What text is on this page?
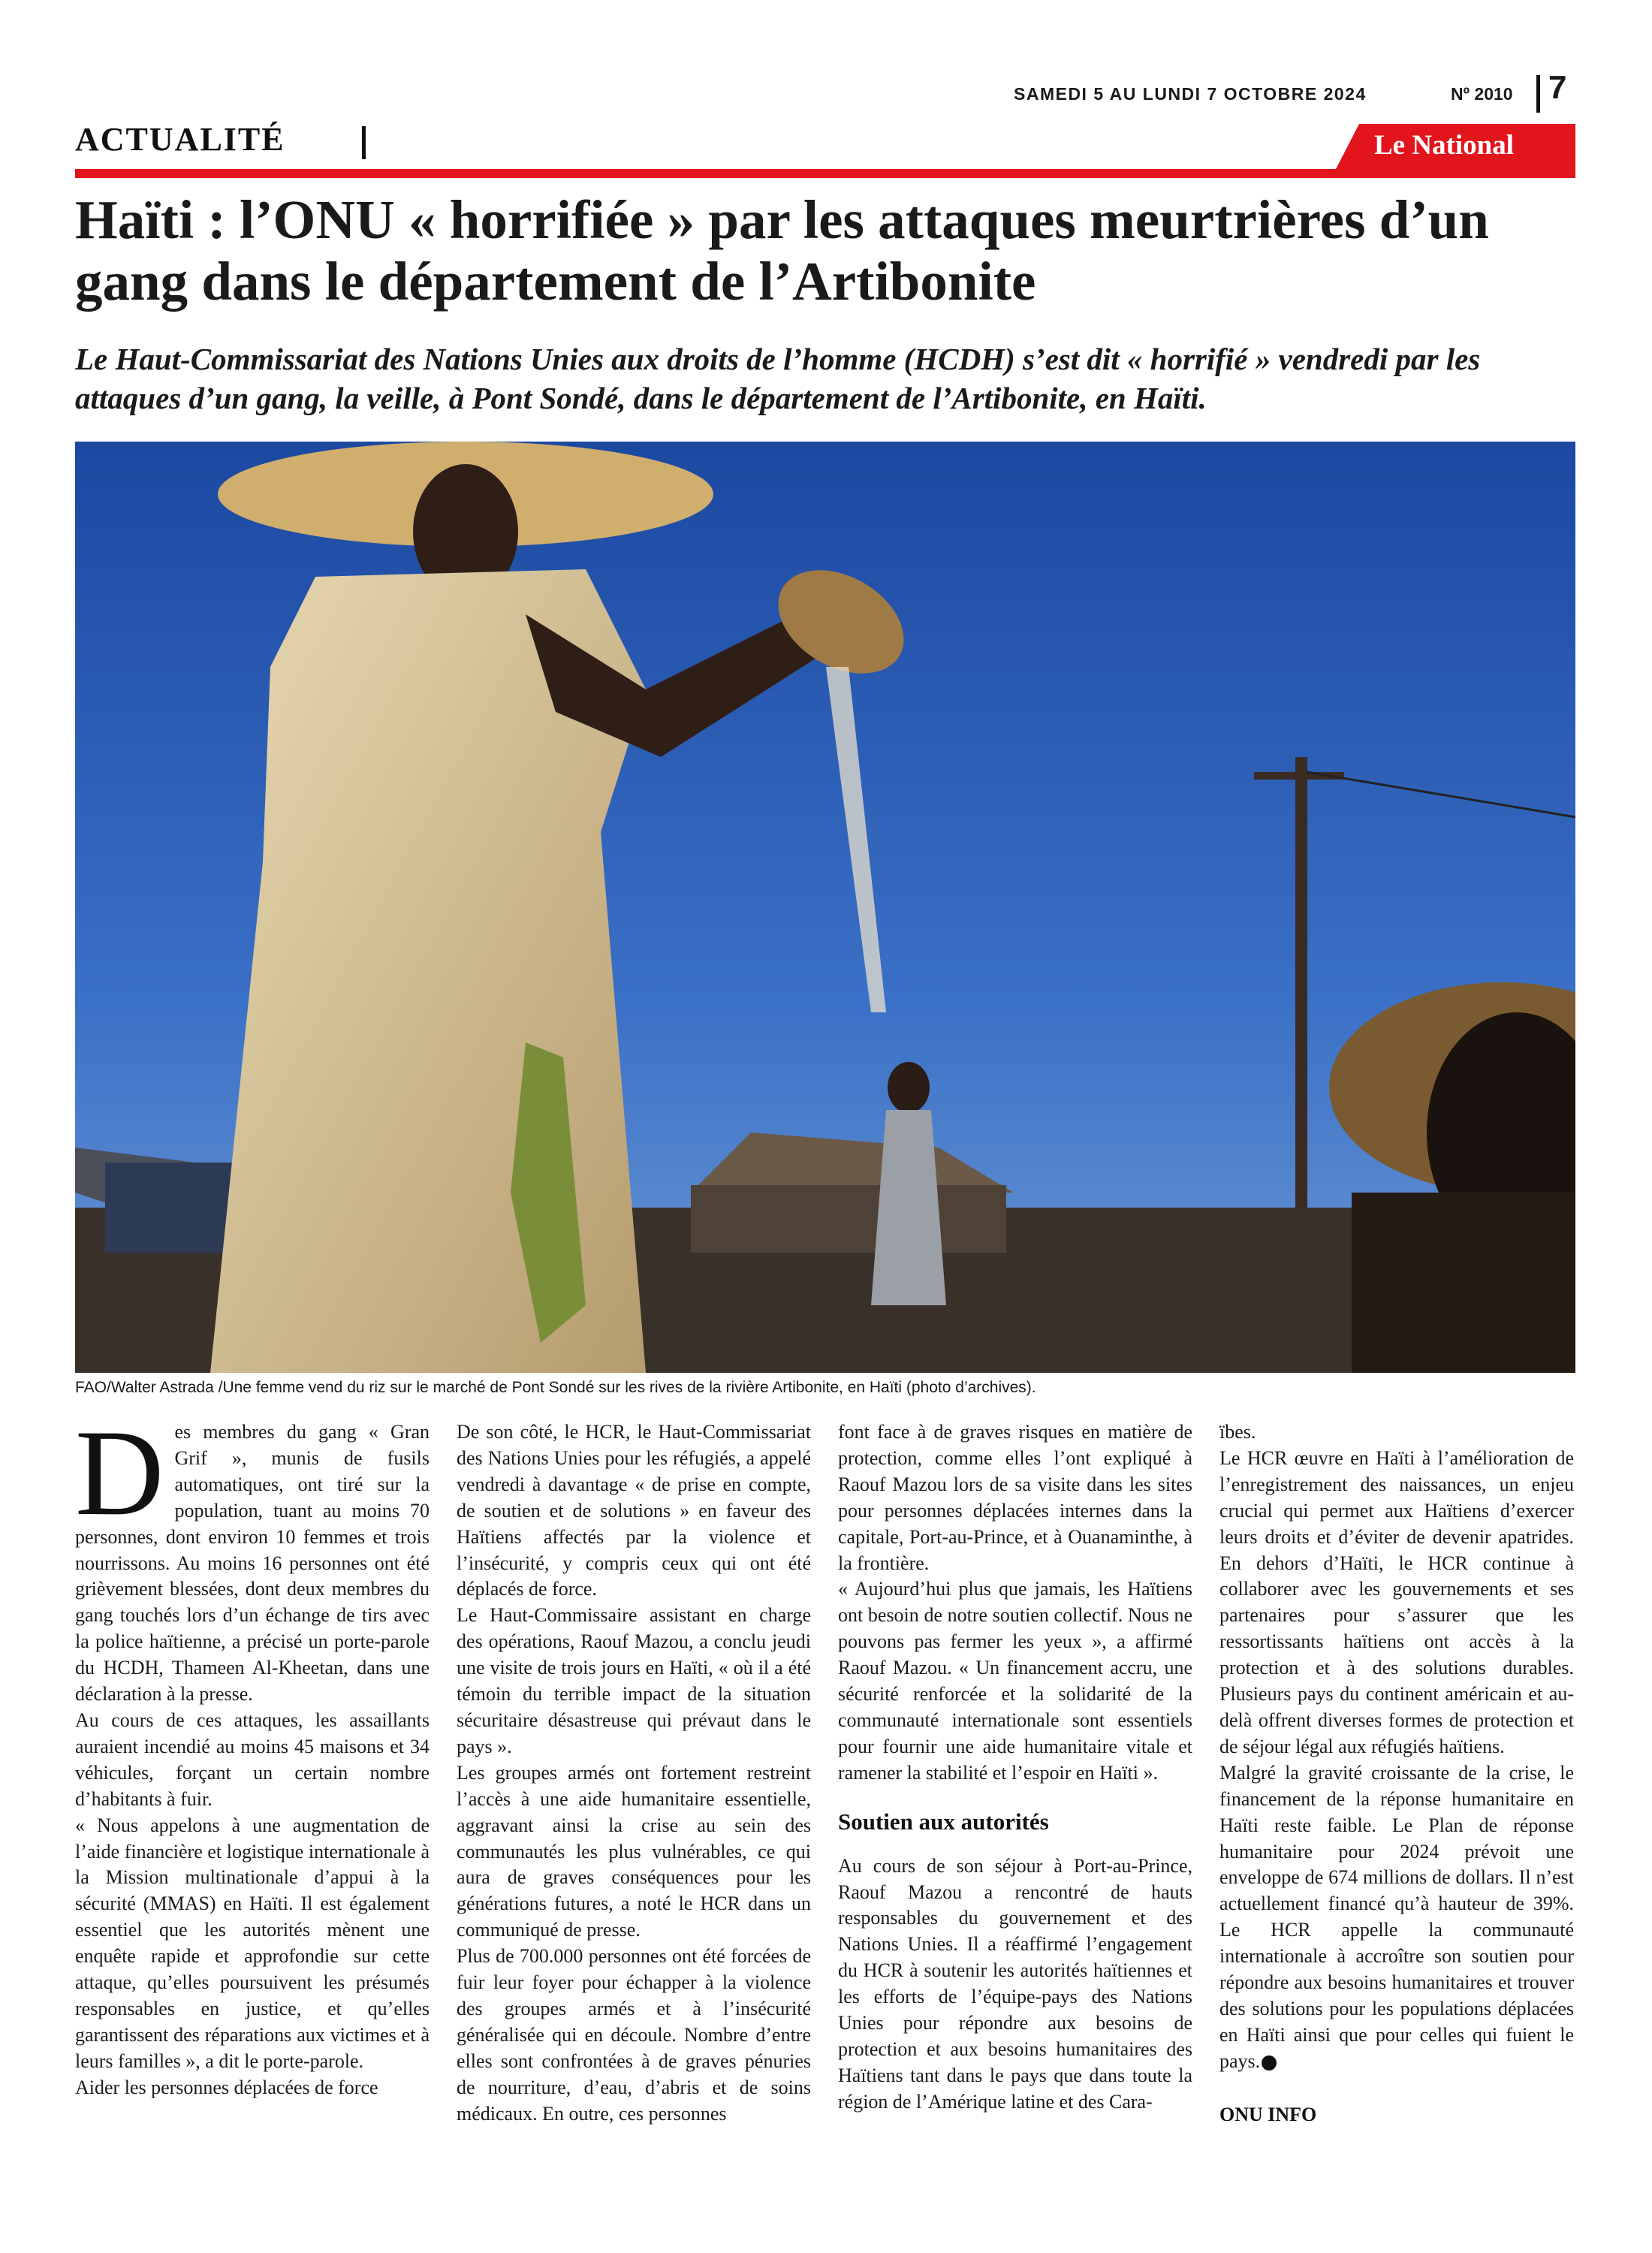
SAMEDI 5 AU LUNDI 7 OCTOBRE 2024	Nº 2010 7
ACTUALITÉ	Le National
Haïti : l’ONU « horrifiée » par les attaques meurtrières d’un gang dans le département de l’Artibonite

Le Haut-Commissariat des Nations Unies aux droits de l’homme (HCDH) s’est dit « horrifié » vendredi par les attaques d’un gang, la veille, à Pont Sondé, dans le département de l’Artibonite, en Haïti.

FAO/Walter Astrada /Une femme vend du riz sur le marché de Pont Sondé sur les rives de la rivière Artibonite, en Haïti (photo d’archives).

Des membres du gang « Gran Grif », munis de fusils automatiques, ont tiré sur la population, tuant au moins 70 personnes, dont environ 10 femmes et trois nourrissons. Au moins 16 personnes ont été grièvement blessées, dont deux membres du gang touchés lors d’un échange de tirs avec la police haïtienne, a précisé un porte-parole du HCDH, Thameen Al-Kheetan, dans une déclaration à la presse.

Au cours de ces attaques, les assaillants auraient incendié au moins 45 maisons et 34 véhicules, forçant un certain nombre d’habitants à fuir.

« Nous appelons à une augmentation de l’aide financière et logistique internationale à la Mission multinationale d’appui à la sécurité (MMAS) en Haïti. Il est également essentiel que les autorités mènent une enquête rapide et approfondie sur cette attaque, qu’elles poursuivent les présumés responsables en justice, et qu’elles garantissent des réparations aux victimes et à leurs familles », a dit le porte-parole.

Aider les personnes déplacées de force

De son côté, le HCR, le Haut-Commissariat des Nations Unies pour les réfugiés, a appelé vendredi à davantage « de prise en compte, de soutien et de solutions » en faveur des Haïtiens affectés par la violence et l’insécurité, y compris ceux qui ont été déplacés de force.

Le Haut-Commissaire assistant en charge des opérations, Raouf Mazou, a conclu jeudi une visite de trois jours en Haïti, « où il a été témoin du terrible impact de la situation sécuritaire désastreuse qui prévaut dans le pays ».

Les groupes armés ont fortement restreint l’accès à une aide humanitaire essentielle, aggravant ainsi la crise au sein des communautés les plus vulnérables, ce qui aura de graves conséquences pour les générations futures, a noté le HCR dans un communiqué de presse.

Plus de 700.000 personnes ont été forcées de fuir leur foyer pour échapper à la violence des groupes armés et à l’insécurité généralisée qui en découle. Nombre d’entre elles sont confrontées à de graves pénuries de nourriture, d’eau, d’abris et de soins médicaux. En outre, ces personnes

font face à de graves risques en matière de protection, comme elles l’ont expliqué à Raouf Mazou lors de sa visite dans les sites pour personnes déplacées internes dans la capitale, Port-au-Prince, et à Ouanaminthe, à la frontière.

« Aujourd’hui plus que jamais, les Haïtiens ont besoin de notre soutien collectif. Nous ne pouvons pas fermer les yeux », a affirmé Raouf Mazou. « Un financement accru, une sécurité renforcée et la solidarité de la communauté internationale sont essentiels pour fournir une aide humanitaire vitale et ramener la stabilité et l’espoir en Haïti ».

Soutien aux autorités

Au cours de son séjour à Port-au-Prince, Raouf Mazou a rencontré de hauts responsables du gouvernement et des Nations Unies. Il a réaffirmé l’engagement du HCR à soutenir les autorités haïtiennes et les efforts de l’équipe-pays des Nations Unies pour répondre aux besoins de protection et aux besoins humanitaires des Haïtiens tant dans le pays que dans toute la région de l’Amérique latine et des Cara-

ïbes.

Le HCR œuvre en Haïti à l’amélioration de l’enregistrement des naissances, un enjeu crucial qui permet aux Haïtiens d’exercer leurs droits et d’éviter de devenir apatrides. En dehors d’Haïti, le HCR continue à collaborer avec les gouvernements et ses partenaires pour s’assurer que les ressortissants haïtiens ont accès à la protection et à des solutions durables. Plusieurs pays du continent américain et au-delà offrent diverses formes de protection et de séjour légal aux réfugiés haïtiens.

Malgré la gravité croissante de la crise, le financement de la réponse humanitaire en Haïti reste faible. Le Plan de réponse humanitaire pour 2024 prévoit une enveloppe de 674 millions de dollars. Il n’est actuellement financé qu’à hauteur de 39%. Le HCR appelle la communauté internationale à accroître son soutien pour répondre aux besoins humanitaires et trouver des solutions pour les populations déplacées en Haïti ainsi que pour celles qui fuient le pays.

ONU INFO
